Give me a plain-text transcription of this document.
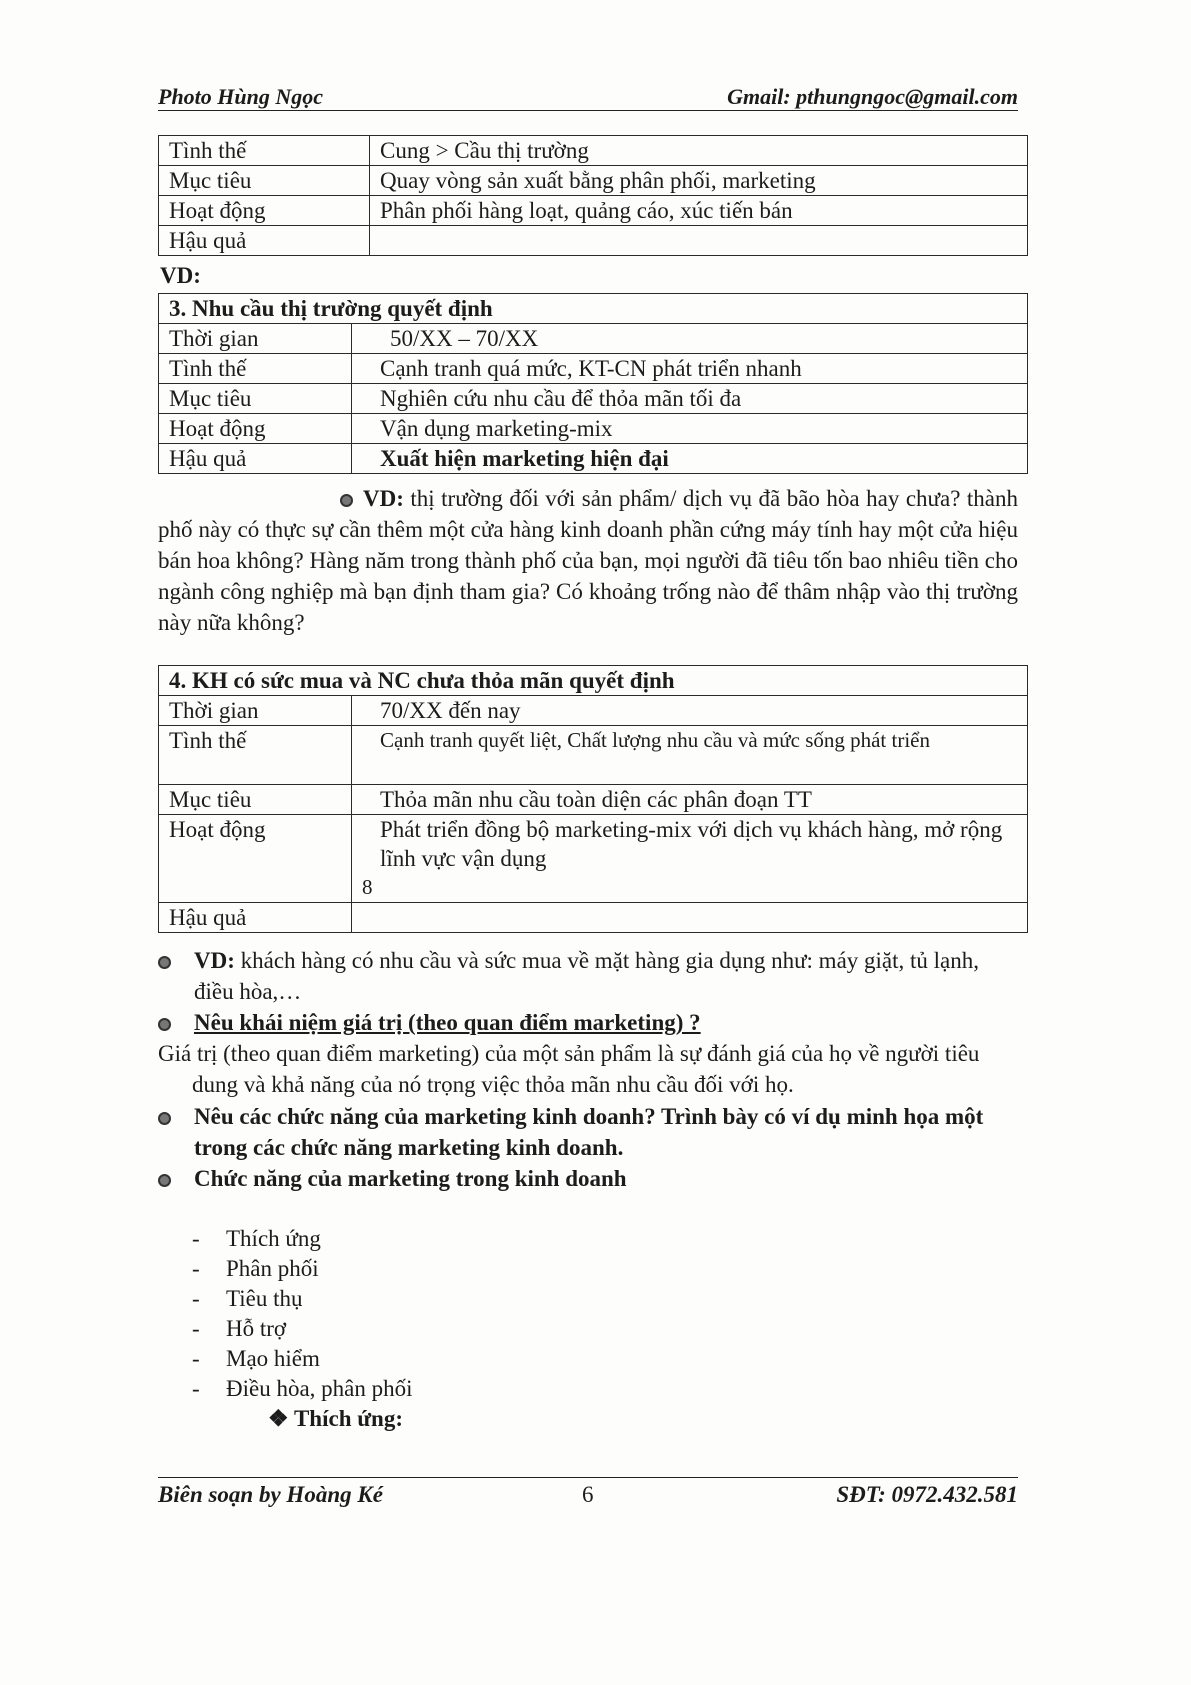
Photo Hùng Ngọc	Gmail: pthungngoc@gmail.com
Tình thế	Cung > Cầu thị trường
Mục tiêu	Quay vòng sản xuất bằng phân phối, marketing
Hoạt động	Phân phối hàng loạt, quảng cáo, xúc tiến bán
Hậu quả	
VD:
3. Nhu cầu thị trường quyết định	
Thời gian	50/XX – 70/XX
Tình thế	Cạnh tranh quá mức, KT-CN phát triển nhanh
Mục tiêu	Nghiên cứu nhu cầu để thỏa mãn tối đa
Hoạt động	Vận dụng marketing-mix
Hậu quả	Xuất hiện marketing hiện đại
VD: thị trường đối với sản phẩm/ dịch vụ đã bão hòa hay chưa? thành phố này có thực sự cần thêm một cửa hàng kinh doanh phần cứng máy tính hay một cửa hiệu bán hoa không? Hàng năm trong thành phố của bạn, mọi người đã tiêu tốn bao nhiêu tiền cho ngành công nghiệp mà bạn định tham gia? Có khoảng trống nào để thâm nhập vào thị trường này nữa không?
4. KH có sức mua và NC chưa thỏa mãn quyết định	
Thời gian	70/XX đến nay
Tình thế	Cạnh tranh quyết liệt, Chất lượng nhu cầu và mức sống phát triển
Mục tiêu	Thỏa mãn nhu cầu toàn diện các phân đoạn TT
Hoạt động	Phát triển đồng bộ marketing-mix với dịch vụ khách hàng, mở rộng lĩnh vực vận dụng
8

Hậu quả	
VD: khách hàng có nhu cầu và sức mua về mặt hàng gia dụng như: máy giặt, tủ lạnh, điều hòa,…
Nêu khái niệm giá trị (theo quan điểm marketing) ?
Giá trị (theo quan điểm marketing) của một sản phẩm là sự đánh giá của họ về người tiêu dung và khả năng của nó trọng việc thỏa mãn nhu cầu đối với họ.
Nêu các chức năng của marketing kinh doanh? Trình bày có ví dụ minh họa một trong các chức năng marketing kinh doanh.
Chức năng của marketing trong kinh doanh
- Thích ứng
- Phân phối
- Tiêu thụ
- Hỗ trợ
- Mạo hiểm
- Điều hòa, phân phối
❖ Thích ứng:
Biên soạn by Hoàng Ké	6	SĐT: 0972.432.581
